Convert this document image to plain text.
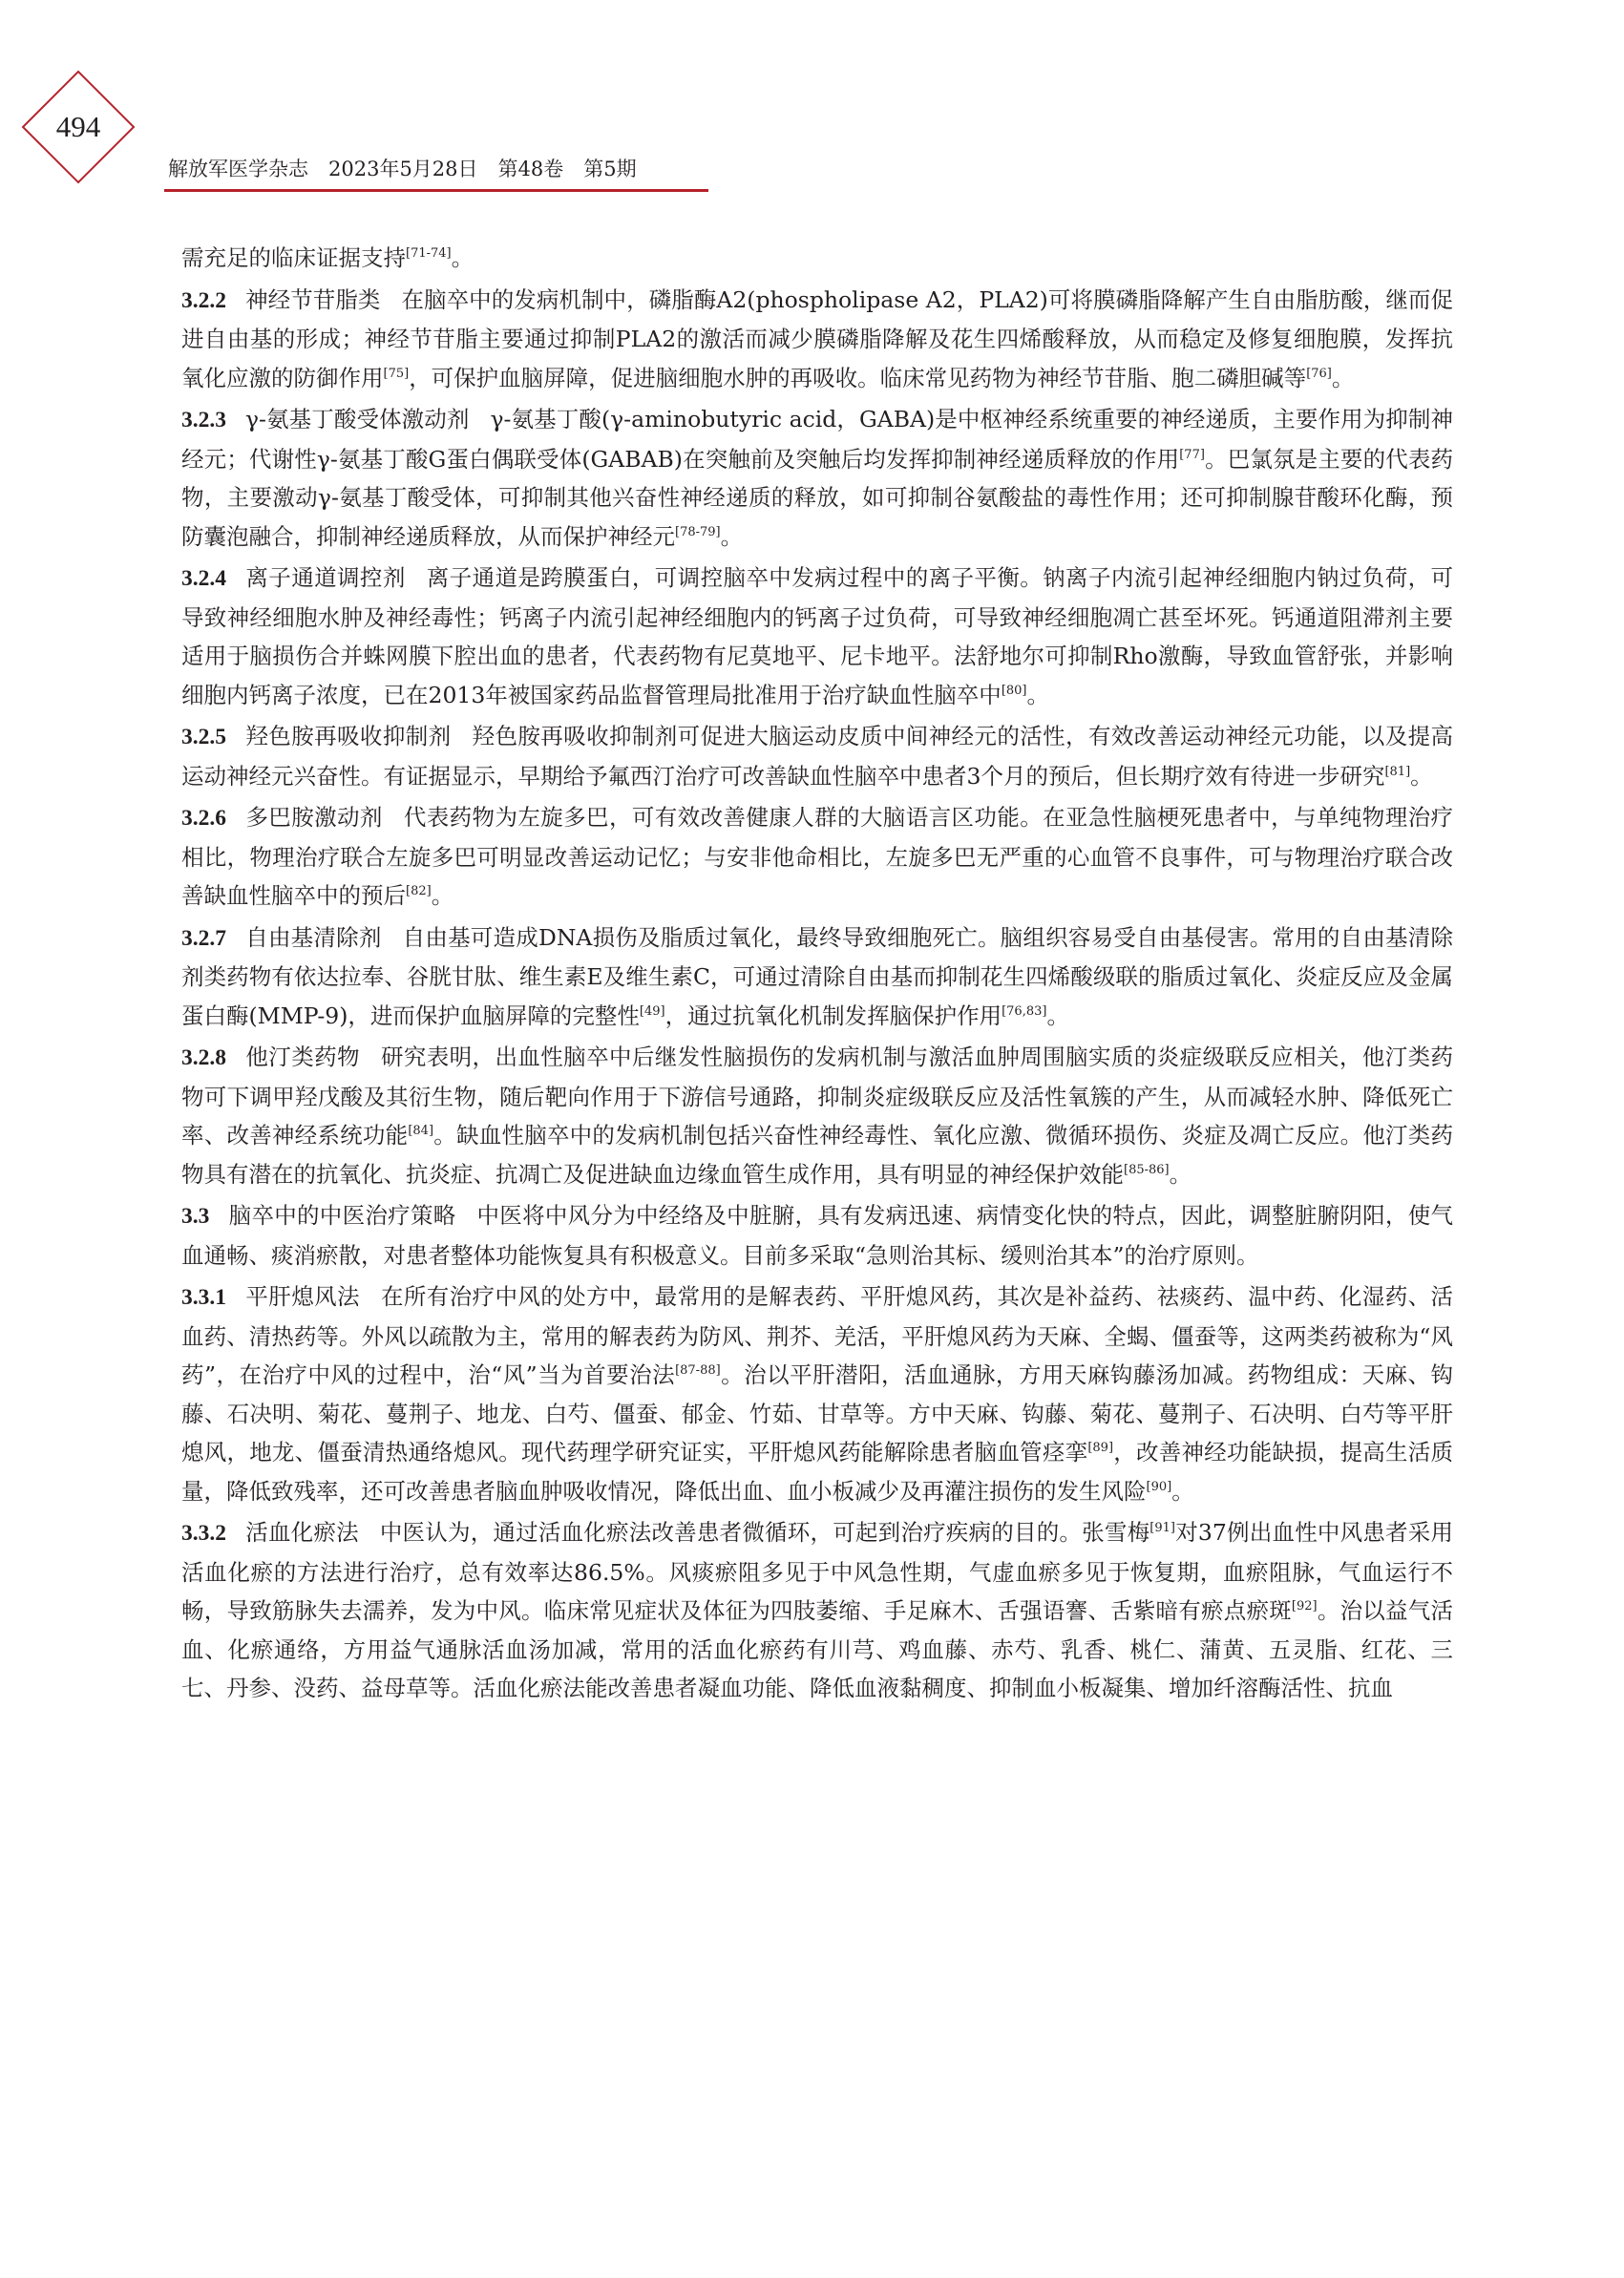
494
解放军医学杂志　2023年5月28日　第48卷　第5期

需充足的临床证据支持[71-74]。

3.2.2 神经节苷脂类 在脑卒中的发病机制中，磷脂酶A2(phospholipase A2，PLA2)可将膜磷脂降解产生自由脂肪酸，继而促进自由基的形成；神经节苷脂主要通过抑制PLA2的激活而减少膜磷脂降解及花生四烯酸释放，从而稳定及修复细胞膜，发挥抗氧化应激的防御作用[75]，可保护血脑屏障，促进脑细胞水肿的再吸收。临床常见药物为神经节苷脂、胞二磷胆碱等[76]。

3.2.3 γ-氨基丁酸受体激动剂 γ-氨基丁酸(γ-aminobutyric acid，GABA)是中枢神经系统重要的神经递质，主要作用为抑制神经元；代谢性γ-氨基丁酸G蛋白偶联受体(GABAB)在突触前及突触后均发挥抑制神经递质释放的作用[77]。巴氯氛是主要的代表药物，主要激动γ-氨基丁酸受体，可抑制其他兴奋性神经递质的释放，如可抑制谷氨酸盐的毒性作用；还可抑制腺苷酸环化酶，预防囊泡融合，抑制神经递质释放，从而保护神经元[78-79]。

3.2.4 离子通道调控剂 离子通道是跨膜蛋白，可调控脑卒中发病过程中的离子平衡。钠离子内流引起神经细胞内钠过负荷，可导致神经细胞水肿及神经毒性；钙离子内流引起神经细胞内的钙离子过负荷，可导致神经细胞凋亡甚至坏死。钙通道阻滞剂主要适用于脑损伤合并蛛网膜下腔出血的患者，代表药物有尼莫地平、尼卡地平。法舒地尔可抑制Rho激酶，导致血管舒张，并影响细胞内钙离子浓度，已在2013年被国家药品监督管理局批准用于治疗缺血性脑卒中[80]。

3.2.5 羟色胺再吸收抑制剂 羟色胺再吸收抑制剂可促进大脑运动皮质中间神经元的活性，有效改善运动神经元功能，以及提高运动神经元兴奋性。有证据显示，早期给予氟西汀治疗可改善缺血性脑卒中患者3个月的预后，但长期疗效有待进一步研究[81]。

3.2.6 多巴胺激动剂 代表药物为左旋多巴，可有效改善健康人群的大脑语言区功能。在亚急性脑梗死患者中，与单纯物理治疗相比，物理治疗联合左旋多巴可明显改善运动记忆；与安非他命相比，左旋多巴无严重的心血管不良事件，可与物理治疗联合改善缺血性脑卒中的预后[82]。

3.2.7 自由基清除剂 自由基可造成DNA损伤及脂质过氧化，最终导致细胞死亡。脑组织容易受自由基侵害。常用的自由基清除剂类药物有依达拉奉、谷胱甘肽、维生素E及维生素C，可通过清除自由基而抑制花生四烯酸级联的脂质过氧化、炎症反应及金属蛋白酶(MMP-9)，进而保护血脑屏障的完整性[49]，通过抗氧化机制发挥脑保护作用[76,83]。

3.2.8 他汀类药物 研究表明，出血性脑卒中后继发性脑损伤的发病机制与激活血肿周围脑实质的炎症级联反应相关，他汀类药物可下调甲羟戊酸及其衍生物，随后靶向作用于下游信号通路，抑制炎症级联反应及活性氧簇的产生，从而减轻水肿、降低死亡率、改善神经系统功能[84]。缺血性脑卒中的发病机制包括兴奋性神经毒性、氧化应激、微循环损伤、炎症及凋亡反应。他汀类药物具有潜在的抗氧化、抗炎症、抗凋亡及促进缺血边缘血管生成作用，具有明显的神经保护效能[85-86]。

3.3 脑卒中的中医治疗策略 中医将中风分为中经络及中脏腑，具有发病迅速、病情变化快的特点，因此，调整脏腑阴阳，使气血通畅、痰消瘀散，对患者整体功能恢复具有积极意义。目前多采取“急则治其标、缓则治其本”的治疗原则。

3.3.1 平肝熄风法 在所有治疗中风的处方中，最常用的是解表药、平肝熄风药，其次是补益药、祛痰药、温中药、化湿药、活血药、清热药等。外风以疏散为主，常用的解表药为防风、荆芥、羌活，平肝熄风药为天麻、全蝎、僵蚕等，这两类药被称为“风药”，在治疗中风的过程中，治“风”当为首要治法[87-88]。治以平肝潜阳，活血通脉，方用天麻钩藤汤加减。药物组成：天麻、钩藤、石决明、菊花、蔓荆子、地龙、白芍、僵蚕、郁金、竹茹、甘草等。方中天麻、钩藤、菊花、蔓荆子、石决明、白芍等平肝熄风，地龙、僵蚕清热通络熄风。现代药理学研究证实，平肝熄风药能解除患者脑血管痉挛[89]，改善神经功能缺损，提高生活质量，降低致残率，还可改善患者脑血肿吸收情况，降低出血、血小板减少及再灌注损伤的发生风险[90]。

3.3.2 活血化瘀法 中医认为，通过活血化瘀法改善患者微循环，可起到治疗疾病的目的。张雪梅[91]对37例出血性中风患者采用活血化瘀的方法进行治疗，总有效率达86.5%。风痰瘀阻多见于中风急性期，气虚血瘀多见于恢复期，血瘀阻脉，气血运行不畅，导致筋脉失去濡养，发为中风。临床常见症状及体征为四肢萎缩、手足麻木、舌强语謇、舌紫暗有瘀点瘀斑[92]。治以益气活血、化瘀通络，方用益气通脉活血汤加减，常用的活血化瘀药有川芎、鸡血藤、赤芍、乳香、桃仁、蒲黄、五灵脂、红花、三七、丹参、没药、益母草等。活血化瘀法能改善患者凝血功能、降低血液黏稠度、抑制血小板凝集、增加纤溶酶活性、抗血
